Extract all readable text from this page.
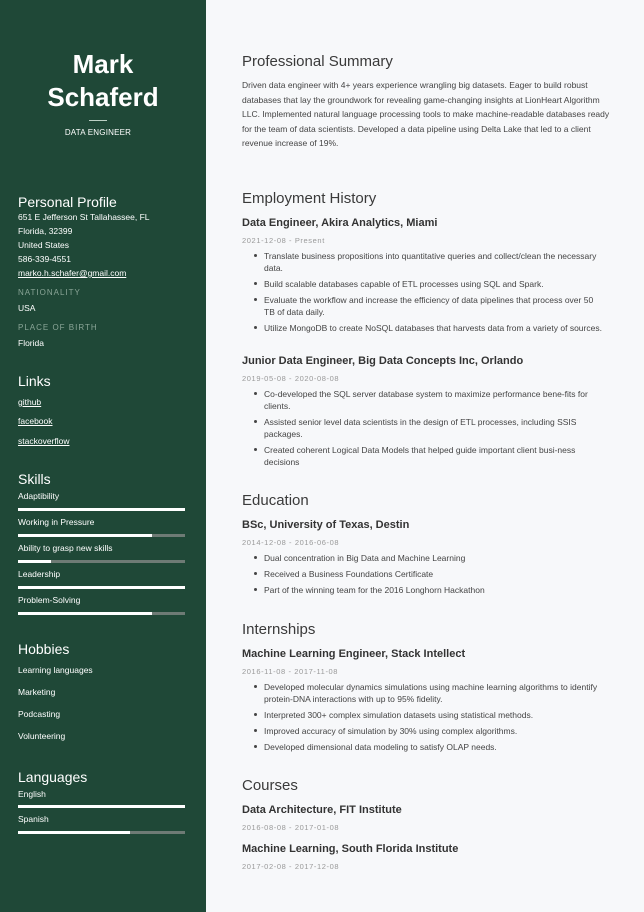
Mark
Schaferd
DATA ENGINEER
Personal Profile
651 E Jefferson St Tallahassee, FL
Florida, 32399
United States
586-339-4551
marko.h.schafer@gmail.com
NATIONALITY
USA
PLACE OF BIRTH
Florida
Links
github
facebook
stackoverflow
Skills
Adaptibility
Working in Pressure
Ability to grasp new skills
Leadership
Problem-Solving
Hobbies
Learning languages
Marketing
Podcasting
Volunteering
Languages
English
Spanish
Professional Summary
Driven data engineer with 4+ years experience wrangling big datasets. Eager to build robust databases that lay the groundwork for revealing game-changing insights at LionHeart Algorithm LLC. Implemented natural language processing tools to make machine-readable databases ready for the team of data scientists. Developed a data pipeline using Delta Lake that led to a client revenue increase of 19%.
Employment History
Data Engineer, Akira Analytics, Miami
2021-12-08 - Present
Translate business propositions into quantitative queries and collect/clean the necessary data.
Build scalable databases capable of ETL processes using SQL and Spark.
Evaluate the workflow and increase the efficiency of data pipelines that process over 50 TB of data daily.
Utilize MongoDB to create NoSQL databases that harvests data from a variety of sources.
Junior Data Engineer, Big Data Concepts Inc, Orlando
2019-05-08 - 2020-08-08
Co-developed the SQL server database system to maximize performance bene-fits for clients.
Assisted senior level data scientists in the design of ETL processes, including SSIS packages.
Created coherent Logical Data Models that helped guide important client busi-ness decisions
Education
BSc, University of Texas, Destin
2014-12-08 - 2016-06-08
Dual concentration in Big Data and Machine Learning
Received a Business Foundations Certificate
Part of the winning team for the 2016 Longhorn Hackathon
Internships
Machine Learning Engineer, Stack Intellect
2016-11-08 - 2017-11-08
Developed molecular dynamics simulations using machine learning algorithms to identify protein-DNA interactions with up to 95% fidelity.
Interpreted 300+ complex simulation datasets using statistical methods.
Improved accuracy of simulation by 30% using complex algorithms.
Developed dimensional data modeling to satisfy OLAP needs.
Courses
Data Architecture, FIT Institute
2016-08-08 - 2017-01-08
Machine Learning, South Florida Institute
2017-02-08 - 2017-12-08
